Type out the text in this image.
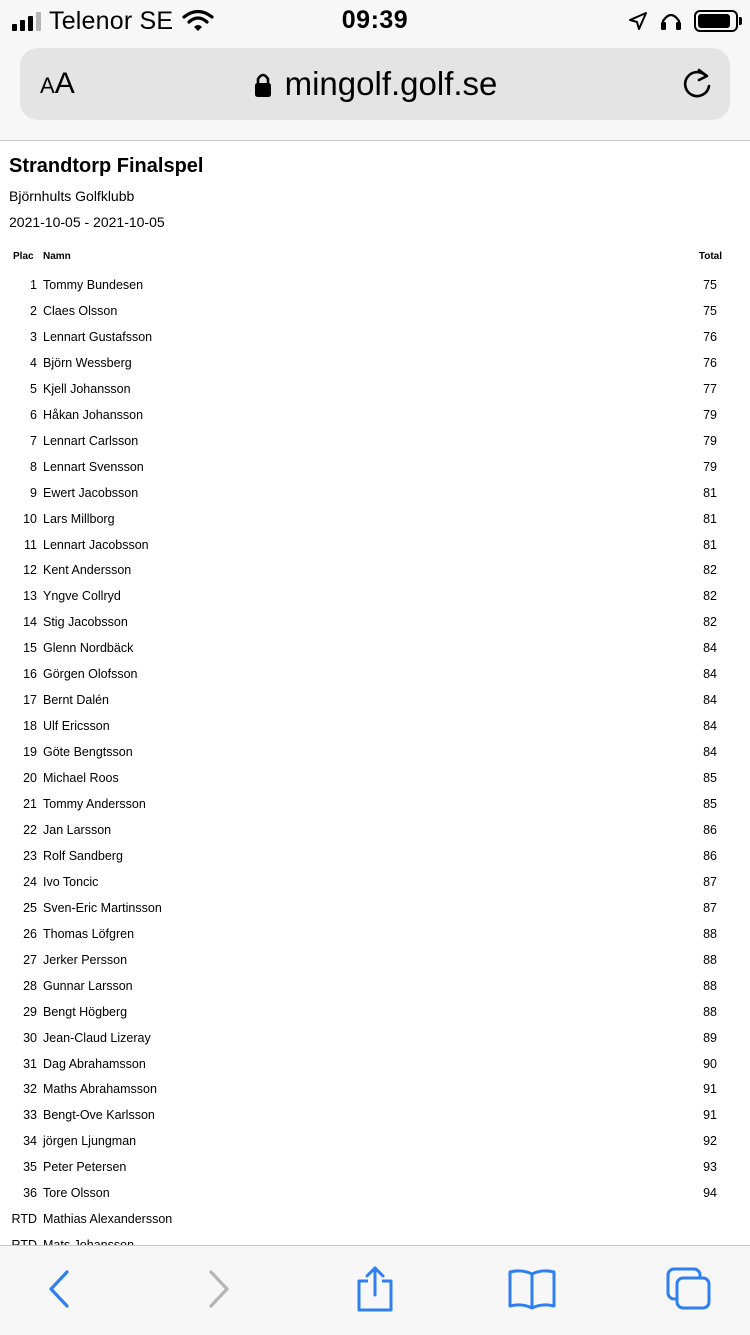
Telenor SE	09:39
AA	mingolf.golf.se
Strandtorp Finalspel
Björnhults Golfklubb
2021-10-05 - 2021-10-05
Plac Namn	Total
1 Tommy Bundesen	75
2 Claes Olsson	75
3 Lennart Gustafsson	76
4 Björn Wessberg	76
5 Kjell Johansson	77
6 Håkan Johansson	79
7 Lennart Carlsson	79
8 Lennart Svensson	79
9 Ewert Jacobsson	81
10 Lars Millborg	81
11 Lennart Jacobsson	81
12 Kent Andersson	82
13 Yngve Collryd	82
14 Stig Jacobsson	82
15 Glenn Nordbäck	84
16 Görgen Olofsson	84
17 Bernt Dalén	84
18 Ulf Ericsson	84
19 Göte Bengtsson	84
20 Michael Roos	85
21 Tommy Andersson	85
22 Jan Larsson	86
23 Rolf Sandberg	86
24 Ivo Toncic	87
25 Sven-Eric Martinsson	87
26 Thomas Löfgren	88
27 Jerker Persson	88
28 Gunnar Larsson	88
29 Bengt Högberg	88
30 Jean-Claud Lizeray	89
31 Dag Abrahamsson	90
32 Maths Abrahamsson	91
33 Bengt-Ove Karlsson	91
34 jörgen Ljungman	92
35 Peter Petersen	93
36 Tore Olsson	94
RTD Mathias Alexandersson
